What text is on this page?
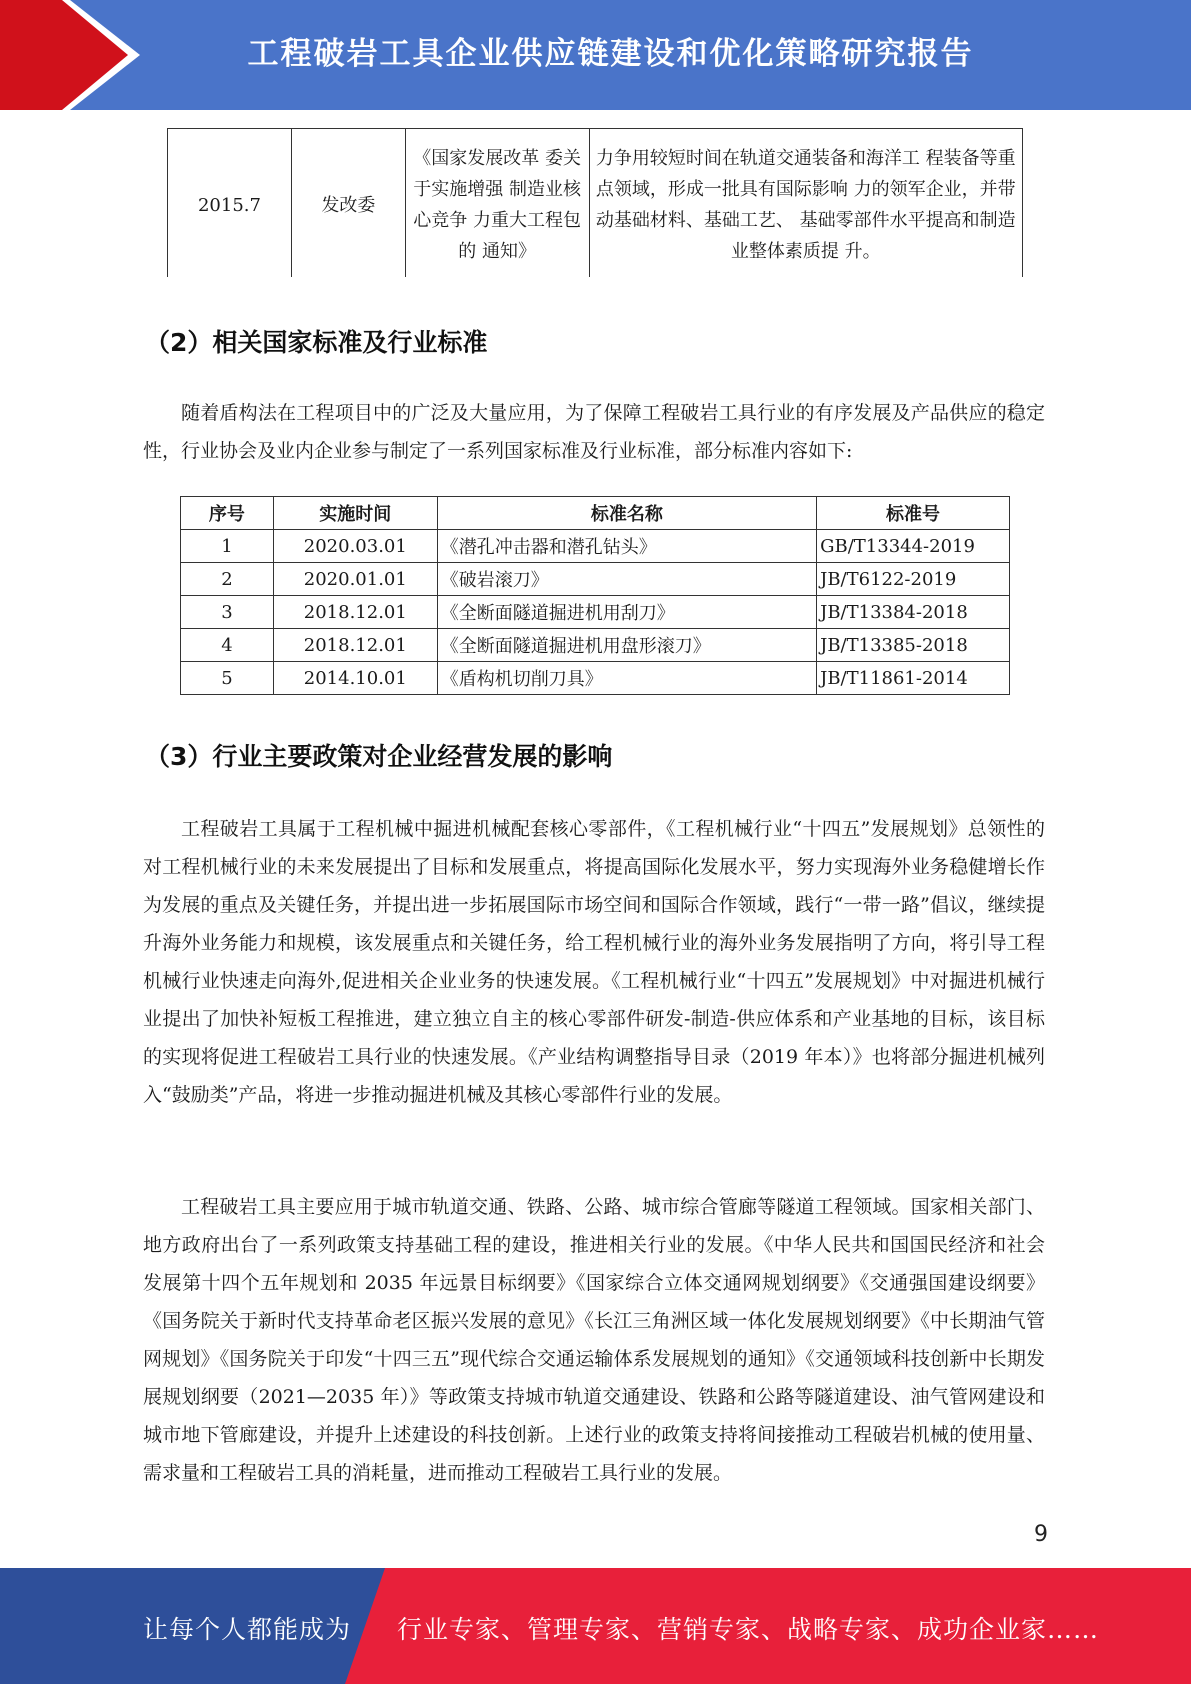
工程破岩工具企业供应链建设和优化策略研究报告
2015.7	发改委	《国家发展改革 委关于实施增强 制造业核心竞争 力重大工程包的 通知》	力争用较短时间在轨道交通装备和海洋工 程装备等重点领域，形成一批具有国际影响 力的领军企业，并带动基础材料、基础工艺、 基础零部件水平提高和制造业整体素质提 升。
（2）相关国家标准及行业标准

随着盾构法在工程项目中的广泛及大量应用，为了保障工程破岩工具行业的有序发展及产品供应的稳定性，行业协会及业内企业参与制定了一系列国家标准及行业标准，部分标准内容如下:

序号	实施时间	标准名称	标准号
1	2020.03.01	《潜孔冲击器和潜孔钻头》	GB/T13344-2019
2	2020.01.01	《破岩滚刀》	JB/T6122-2019
3	2018.12.01	《全断面隧道掘进机用刮刀》	JB/T13384-2018
4	2018.12.01	《全断面隧道掘进机用盘形滚刀》	JB/T13385-2018
5	2014.10.01	《盾构机切削刀具》	JB/T11861-2014
（3）行业主要政策对企业经营发展的影响

工程破岩工具属于工程机械中掘进机械配套核心零部件，《工程机械行业“十四五”发展规划》总领性的对工程机械行业的未来发展提出了目标和发展重点，将提高国际化发展水平，努力实现海外业务稳健增长作为发展的重点及关键任务，并提出进一步拓展国际市场空间和国际合作领域，践行“一带一路”倡议，继续提升海外业务能力和规模，该发展重点和关键任务，给工程机械行业的海外业务发展指明了方向，将引导工程机械行业快速走向海外,促进相关企业业务的快速发展。《工程机械行业“十四五”发展规划》中对掘进机械行业提出了加快补短板工程推进，建立独立自主的核心零部件研发-制造-供应体系和产业基地的目标，该目标的实现将促进工程破岩工具行业的快速发展。《产业结构调整指导目录（2019 年本）》也将部分掘进机械列入“鼓励类”产品，将进一步推动掘进机械及其核心零部件行业的发展。

工程破岩工具主要应用于城市轨道交通、铁路、公路、城市综合管廊等隧道工程领域。国家相关部门、地方政府出台了一系列政策支持基础工程的建设，推进相关行业的发展。《中华人民共和国国民经济和社会发展第十四个五年规划和 2035 年远景目标纲要》《国家综合立体交通网规划纲要》《交通强国建设纲要》《国务院关于新时代支持革命老区振兴发展的意见》《长江三角洲区域一体化发展规划纲要》《中长期油气管网规划》《国务院关于印发“十四三五”现代综合交通运输体系发展规划的通知》《交通领域科技创新中长期发展规划纲要（2021—2035 年）》等政策支持城市轨道交通建设、铁路和公路等隧道建设、油气管网建设和城市地下管廊建设，并提升上述建设的科技创新。上述行业的政策支持将间接推动工程破岩机械的使用量、需求量和工程破岩工具的消耗量，进而推动工程破岩工具行业的发展。

9
让每个人都能成为 行业专家、管理专家、营销专家、战略专家、成功企业家……
